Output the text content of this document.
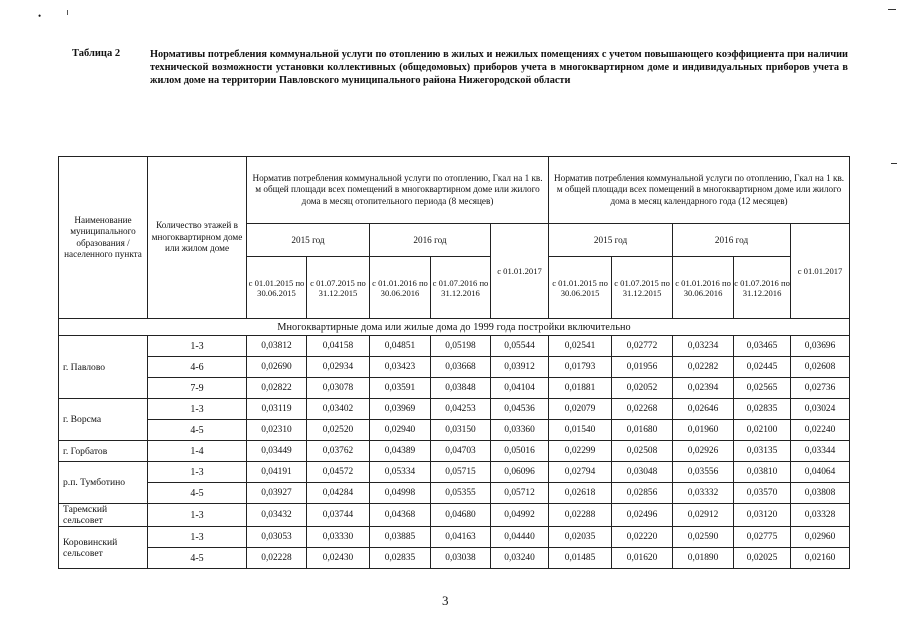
•
Таблица 2	Нормативы потребления коммунальной услуги по отоплению в жилых и нежилых помещениях с учетом повышающего коэффициента при наличии технической возможности установки коллективных (общедомовых) приборов учета в многоквартирном доме и индивидуальных приборов учета в жилом доме на территории Павловского муниципального района Нижегородской области
Наименование муниципального образования / населенного пункта	Количество этажей в многоквартирном доме или жилом доме	Норматив потребления коммунальной услуги по отоплению, Гкал на 1 кв. м общей площади всех помещений в многоквартирном доме или жилого дома в месяц отопительного периода (8 месяцев)					Норматив потребления коммунальной услуги по отоплению, Гкал на 1 кв. м общей площади всех помещений в многоквартирном доме или жилого дома в месяц календарного года (12 месяцев)				
		2015 год		2016 год		с 01.01.2017	2015 год		2016 год		с 01.01.2017
		с 01.01.2015 по 30.06.2015	с 01.07.2015 по 31.12.2015	с 01.01.2016 по 30.06.2016	с 01.07.2016 по 31.12.2016		с 01.01.2015 по 30.06.2015	с 01.07.2015 по 31.12.2015	с 01.01.2016 по 30.06.2016	с 01.07.2016 по 31.12.2016	
Многоквартирные дома или жилые дома до 1999 года постройки включительно											
г. Павлово	1-3	0,03812	0,04158	0,04851	0,05198	0,05544	0,02541	0,02772	0,03234	0,03465	0,03696
	4-6	0,02690	0,02934	0,03423	0,03668	0,03912	0,01793	0,01956	0,02282	0,02445	0,02608
	7-9	0,02822	0,03078	0,03591	0,03848	0,04104	0,01881	0,02052	0,02394	0,02565	0,02736
г. Ворсма	1-3	0,03119	0,03402	0,03969	0,04253	0,04536	0,02079	0,02268	0,02646	0,02835	0,03024
	4-5	0,02310	0,02520	0,02940	0,03150	0,03360	0,01540	0,01680	0,01960	0,02100	0,02240
г. Горбатов	1-4	0,03449	0,03762	0,04389	0,04703	0,05016	0,02299	0,02508	0,02926	0,03135	0,03344
р.п. Тумботино	1-3	0,04191	0,04572	0,05334	0,05715	0,06096	0,02794	0,03048	0,03556	0,03810	0,04064
	4-5	0,03927	0,04284	0,04998	0,05355	0,05712	0,02618	0,02856	0,03332	0,03570	0,03808
Таремский сельсовет	1-3	0,03432	0,03744	0,04368	0,04680	0,04992	0,02288	0,02496	0,02912	0,03120	0,03328
Коровинский сельсовет	1-3	0,03053	0,03330	0,03885	0,04163	0,04440	0,02035	0,02220	0,02590	0,02775	0,02960
	4-5	0,02228	0,02430	0,02835	0,03038	0,03240	0,01485	0,01620	0,01890	0,02025	0,02160
3
